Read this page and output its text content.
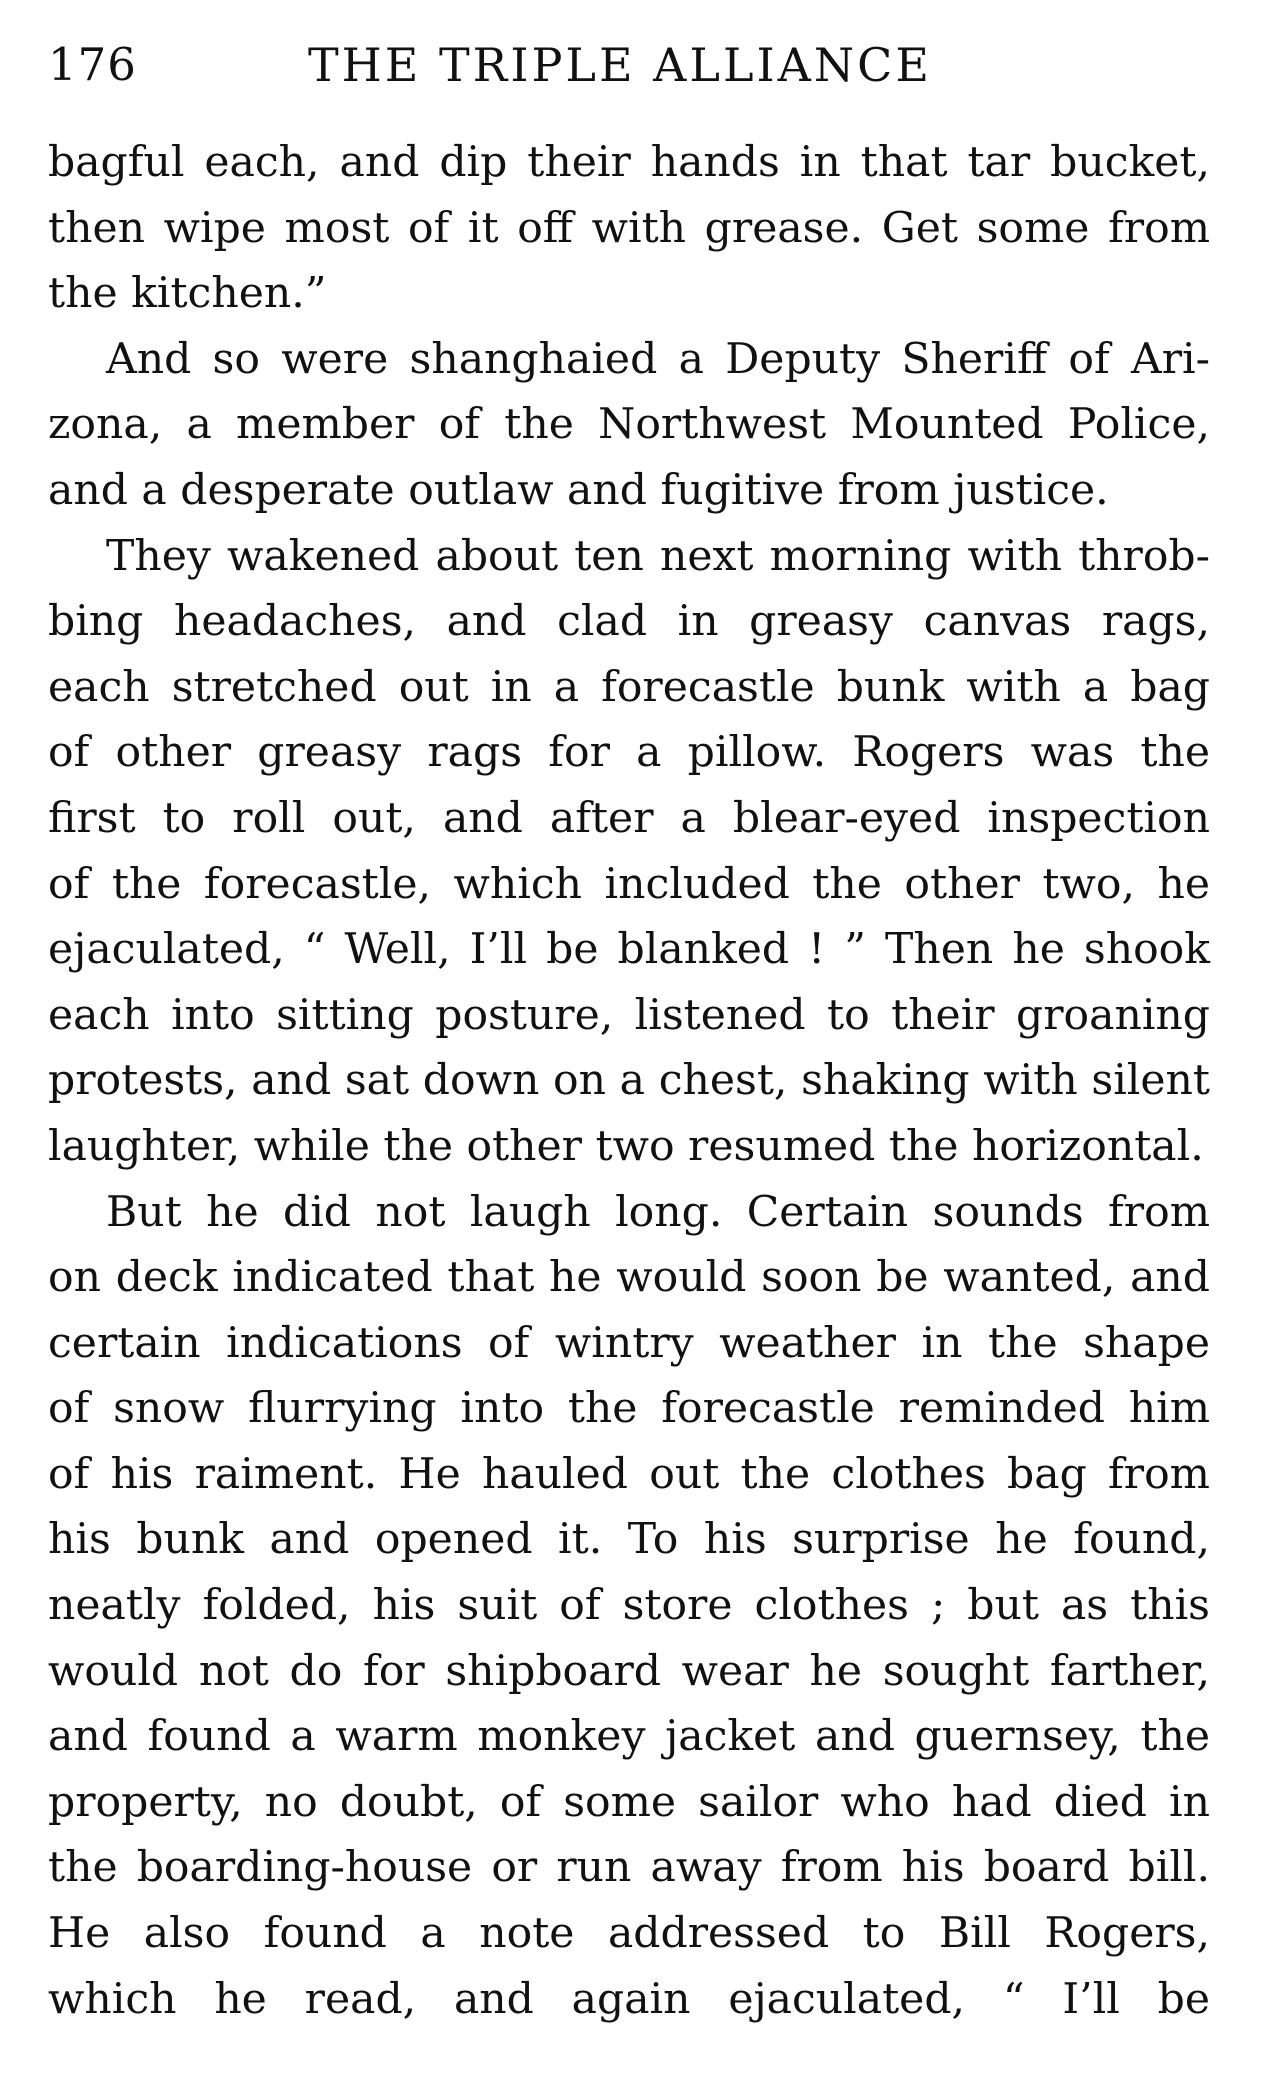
176	THE TRIPLE ALLIANCE
bagful each, and dip their hands in that tar bucket,
then wipe most of it off with grease. Get some from
the kitchen.”
And so were shanghaied a Deputy Sheriff of Ari-
zona, a member of the Northwest Mounted Police,
and a desperate outlaw and fugitive from justice.
They wakened about ten next morning with throb-
bing headaches, and clad in greasy canvas rags,
each stretched out in a forecastle bunk with a bag
of other greasy rags for a pillow. Rogers was the
first to roll out, and after a blear-eyed inspection
of the forecastle, which included the other two, he
ejaculated, “ Well, I’ll be blanked ! ” Then he shook
each into sitting posture, listened to their groaning
protests, and sat down on a chest, shaking with silent
laughter, while the other two resumed the horizontal.
But he did not laugh long. Certain sounds from
on deck indicated that he would soon be wanted, and
certain indications of wintry weather in the shape
of snow flurrying into the forecastle reminded him
of his raiment. He hauled out the clothes bag from
his bunk and opened it. To his surprise he found,
neatly folded, his suit of store clothes ; but as this
would not do for shipboard wear he sought farther,
and found a warm monkey jacket and guernsey, the
property, no doubt, of some sailor who had died in
the boarding-house or run away from his board bill.
He also found a note addressed to Bill Rogers,
which he read, and again ejaculated, “ I’ll be
